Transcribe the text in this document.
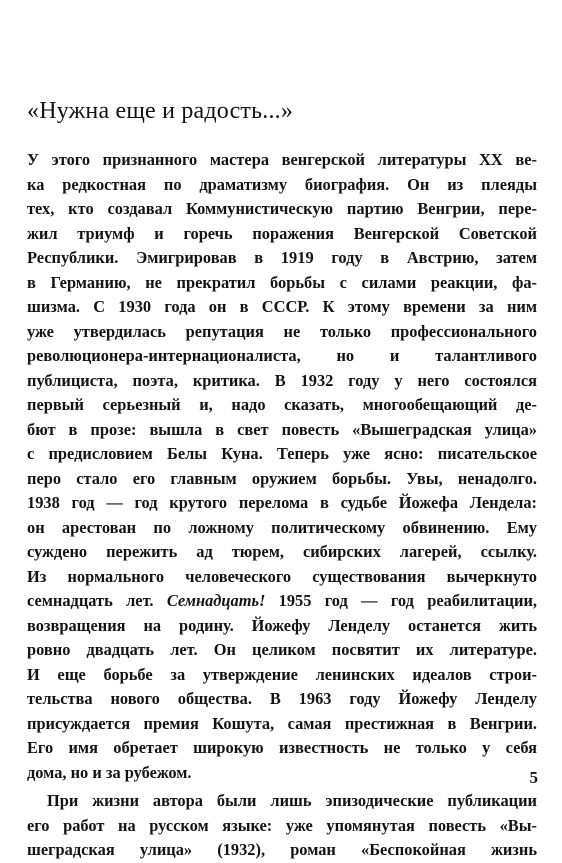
«Нужна еще и радость...»
У этого признанного мастера венгерской литературы XX ве-
ка редкостная по драматизму биография. Он из плеяды
тех, кто создавал Коммунистическую партию Венгрии, пере-
жил триумф и горечь поражения Венгерской Советской
Республики. Эмигрировав в 1919 году в Австрию, затем
в Германию, не прекратил борьбы с силами реакции, фа-
шизма. С 1930 года он в СССР. К этому времени за ним
уже утвердилась репутация не только профессионального
революционера-интернационалиста, но и талантливого
публициста, поэта, критика. В 1932 году у него состоялся
первый серьезный и, надо сказать, многообещающий де-
бют в прозе: вышла в свет повесть «Вышеградская улица»
с предисловием Белы Куна. Теперь уже ясно: писательское
перо стало его главным оружием борьбы. Увы, ненадолго.
1938 год — год крутого перелома в судьбе Йожефа Лендела:
он арестован по ложному политическому обвинению. Ему
суждено пережить ад тюрем, сибирских лагерей, ссылку.
Из нормального человеческого существования вычеркнуто
семнадцать лет. Семнадцать! 1955 год — год реабилитации,
возвращения на родину. Йожефу Ленделу останется жить
ровно двадцать лет. Он целиком посвятит их литературе.
И еще борьбе за утверждение ленинских идеалов строи-
тельства нового общества. В 1963 году Йожефу Ленделу
присуждается премия Кошута, самая престижная в Венгрии.
Его имя обретает широкую известность не только у себя
дома, но и за рубежом.
При жизни автора были лишь эпизодические публикации
его работ на русском языке: уже упомянутая повесть «Вы-
шеградская улица» (1932), роман «Беспокойная жизнь
5
